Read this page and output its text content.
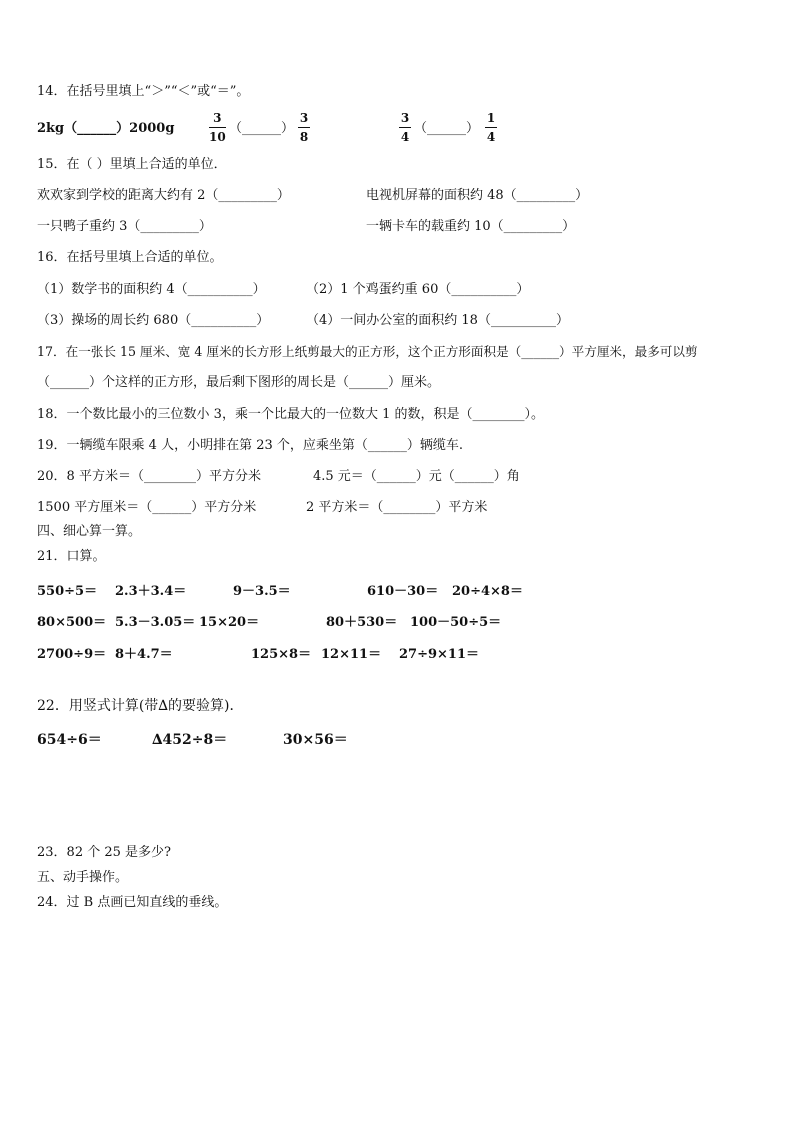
14．在括号里填上“＞”“＜”或“＝”。
2kg（______）2000g
3
10
（______）
3
8
3
4
（______）
1
4
15．在（ ）里填上合适的单位．
欢欢家到学校的距离大约有 2（_________）	电视机屏幕的面积约 48（_________）
一只鸭子重约 3（_________）	一辆卡车的载重约 10（_________）
16．在括号里填上合适的单位。
（1）数学书的面积约 4（__________）	（2）1 个鸡蛋约重 60（__________）
（3）操场的周长约 680（__________）	（4）一间办公室的面积约 18（__________）
17．在一张长 15 厘米、宽 4 厘米的长方形上纸剪最大的正方形，这个正方形面积是（______）平方厘米，最多可以剪
（______）个这样的正方形，最后剩下图形的周长是（______）厘米。
18．一个数比最小的三位数小 3，乘一个比最大的一位数大 1 的数，积是（________）。
19．一辆缆车限乘 4 人，小明排在第 23 个，应乘坐第（______）辆缆车.
20．8 平方米＝（________）平方分米	4.5 元＝（______）元（______）角
1500 平方厘米＝（______）平方分米	2 平方米＝（________）平方米
四、细心算一算。
21．口算。
550÷5＝ 2.3＋3.4＝	9－3.5＝	610－30＝ 20÷4×8＝
80×500＝ 5.3－3.05＝ 15×20＝	80＋530＝ 100－50÷5＝
2700÷9＝ 8＋4.7＝	125×8＝ 12×11＝ 27÷9×11＝
22．用竖式计算(带∆的要验算)．
654÷6＝	∆452÷8＝	30×56＝
23．82 个 25 是多少?
五、动手操作。
24．过 B 点画已知直线的垂线。
